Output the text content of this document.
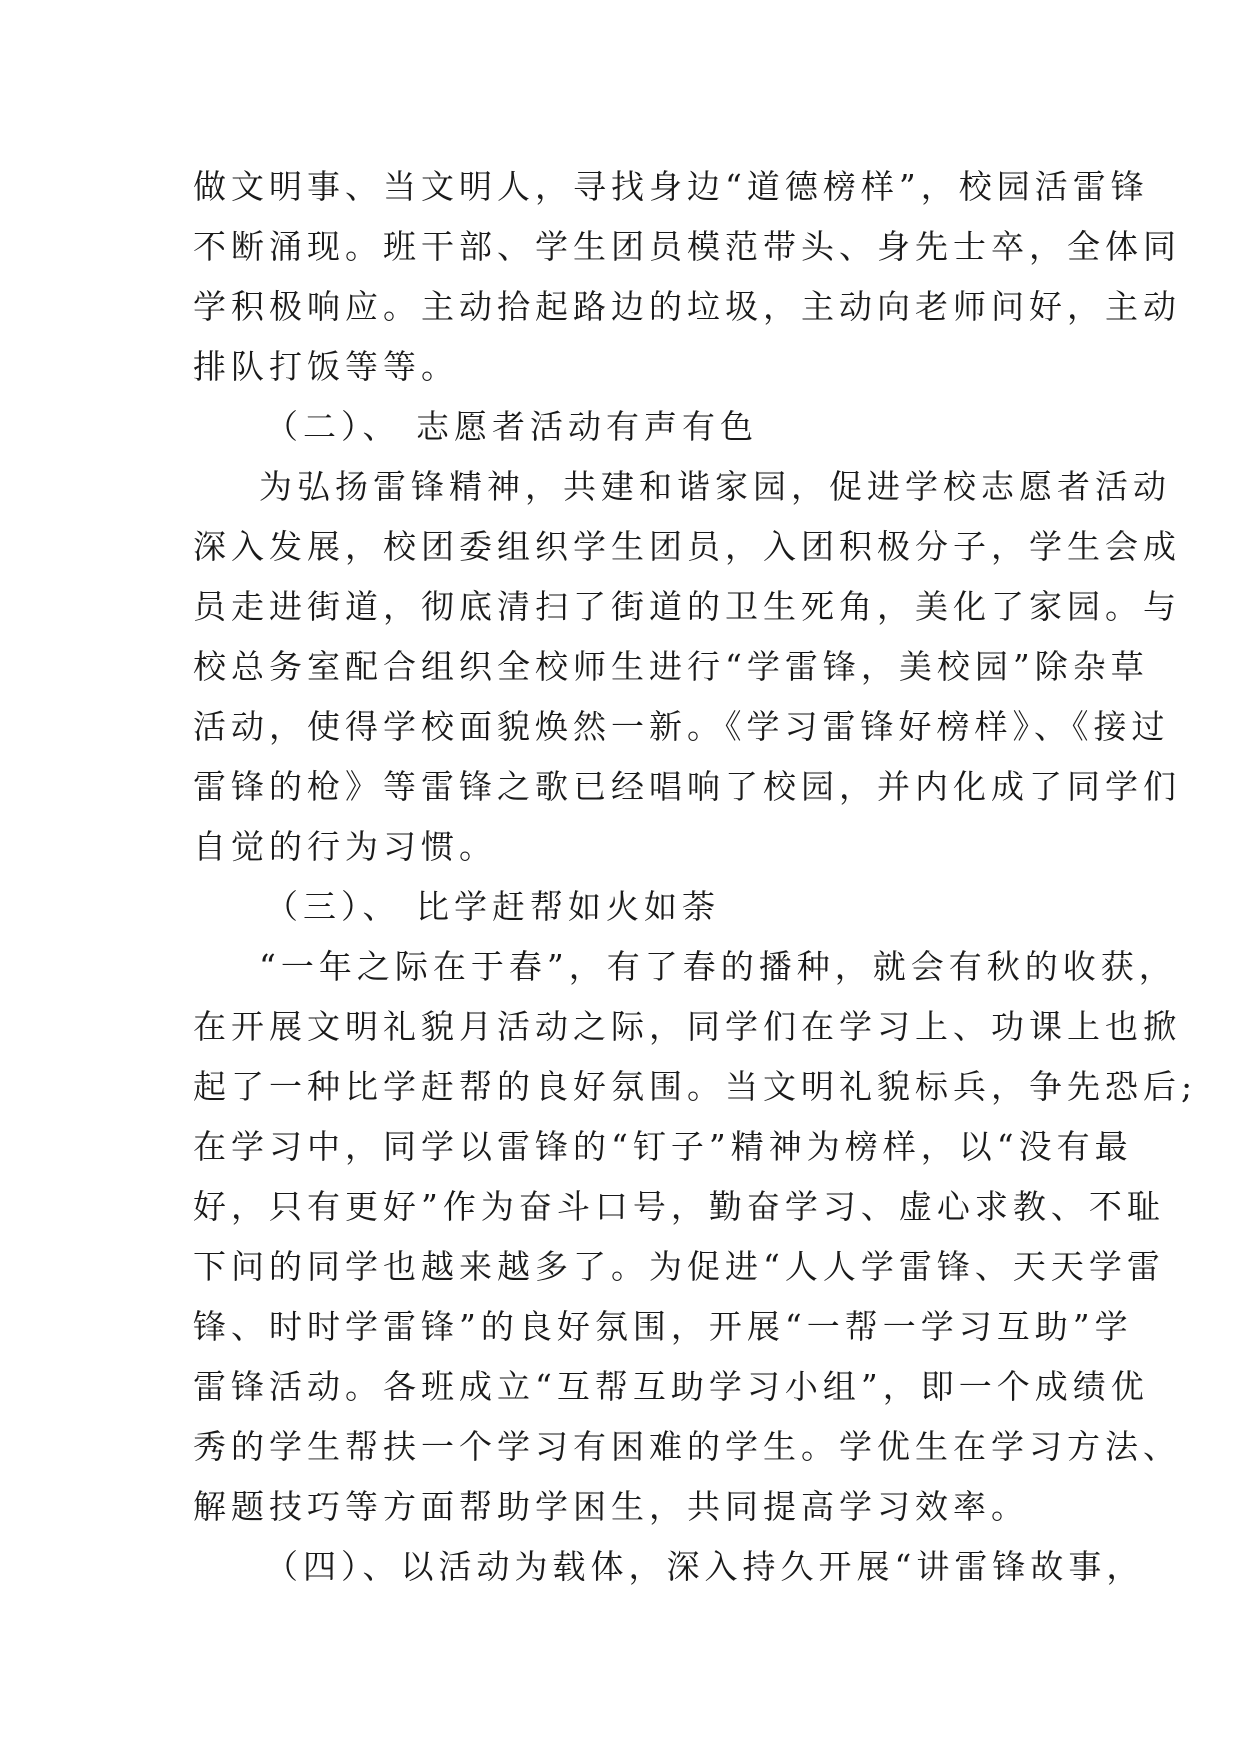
做文明事、当文明人，寻找身边“道德榜样”，校园活雷锋
不断涌现。班干部、学生团员模范带头、身先士卒，全体同
学积极响应。主动拾起路边的垃圾，主动向老师问好，主动
排队打饭等等。
（二）、 志愿者活动有声有色
为弘扬雷锋精神，共建和谐家园，促进学校志愿者活动
深入发展，校团委组织学生团员，入团积极分子，学生会成
员走进街道，彻底清扫了街道的卫生死角，美化了家园。与
校总务室配合组织全校师生进行“学雷锋，美校园”除杂草
活动，使得学校面貌焕然一新。《学习雷锋好榜样》、《接过
雷锋的枪》等雷锋之歌已经唱响了校园，并内化成了同学们
自觉的行为习惯。
（三）、 比学赶帮如火如荼
“一年之际在于春”，有了春的播种，就会有秋的收获，
在开展文明礼貌月活动之际，同学们在学习上、功课上也掀
起了一种比学赶帮的良好氛围。当文明礼貌标兵，争先恐后;
在学习中，同学以雷锋的“钉子”精神为榜样，以“没有最
好，只有更好”作为奋斗口号，勤奋学习、虚心求教、不耻
下问的同学也越来越多了。为促进“人人学雷锋、天天学雷
锋、时时学雷锋”的良好氛围，开展“一帮一学习互助”学
雷锋活动。各班成立“互帮互助学习小组”，即一个成绩优
秀的学生帮扶一个学习有困难的学生。学优生在学习方法、
解题技巧等方面帮助学困生，共同提高学习效率。
（四）、以活动为载体，深入持久开展“讲雷锋故事，
